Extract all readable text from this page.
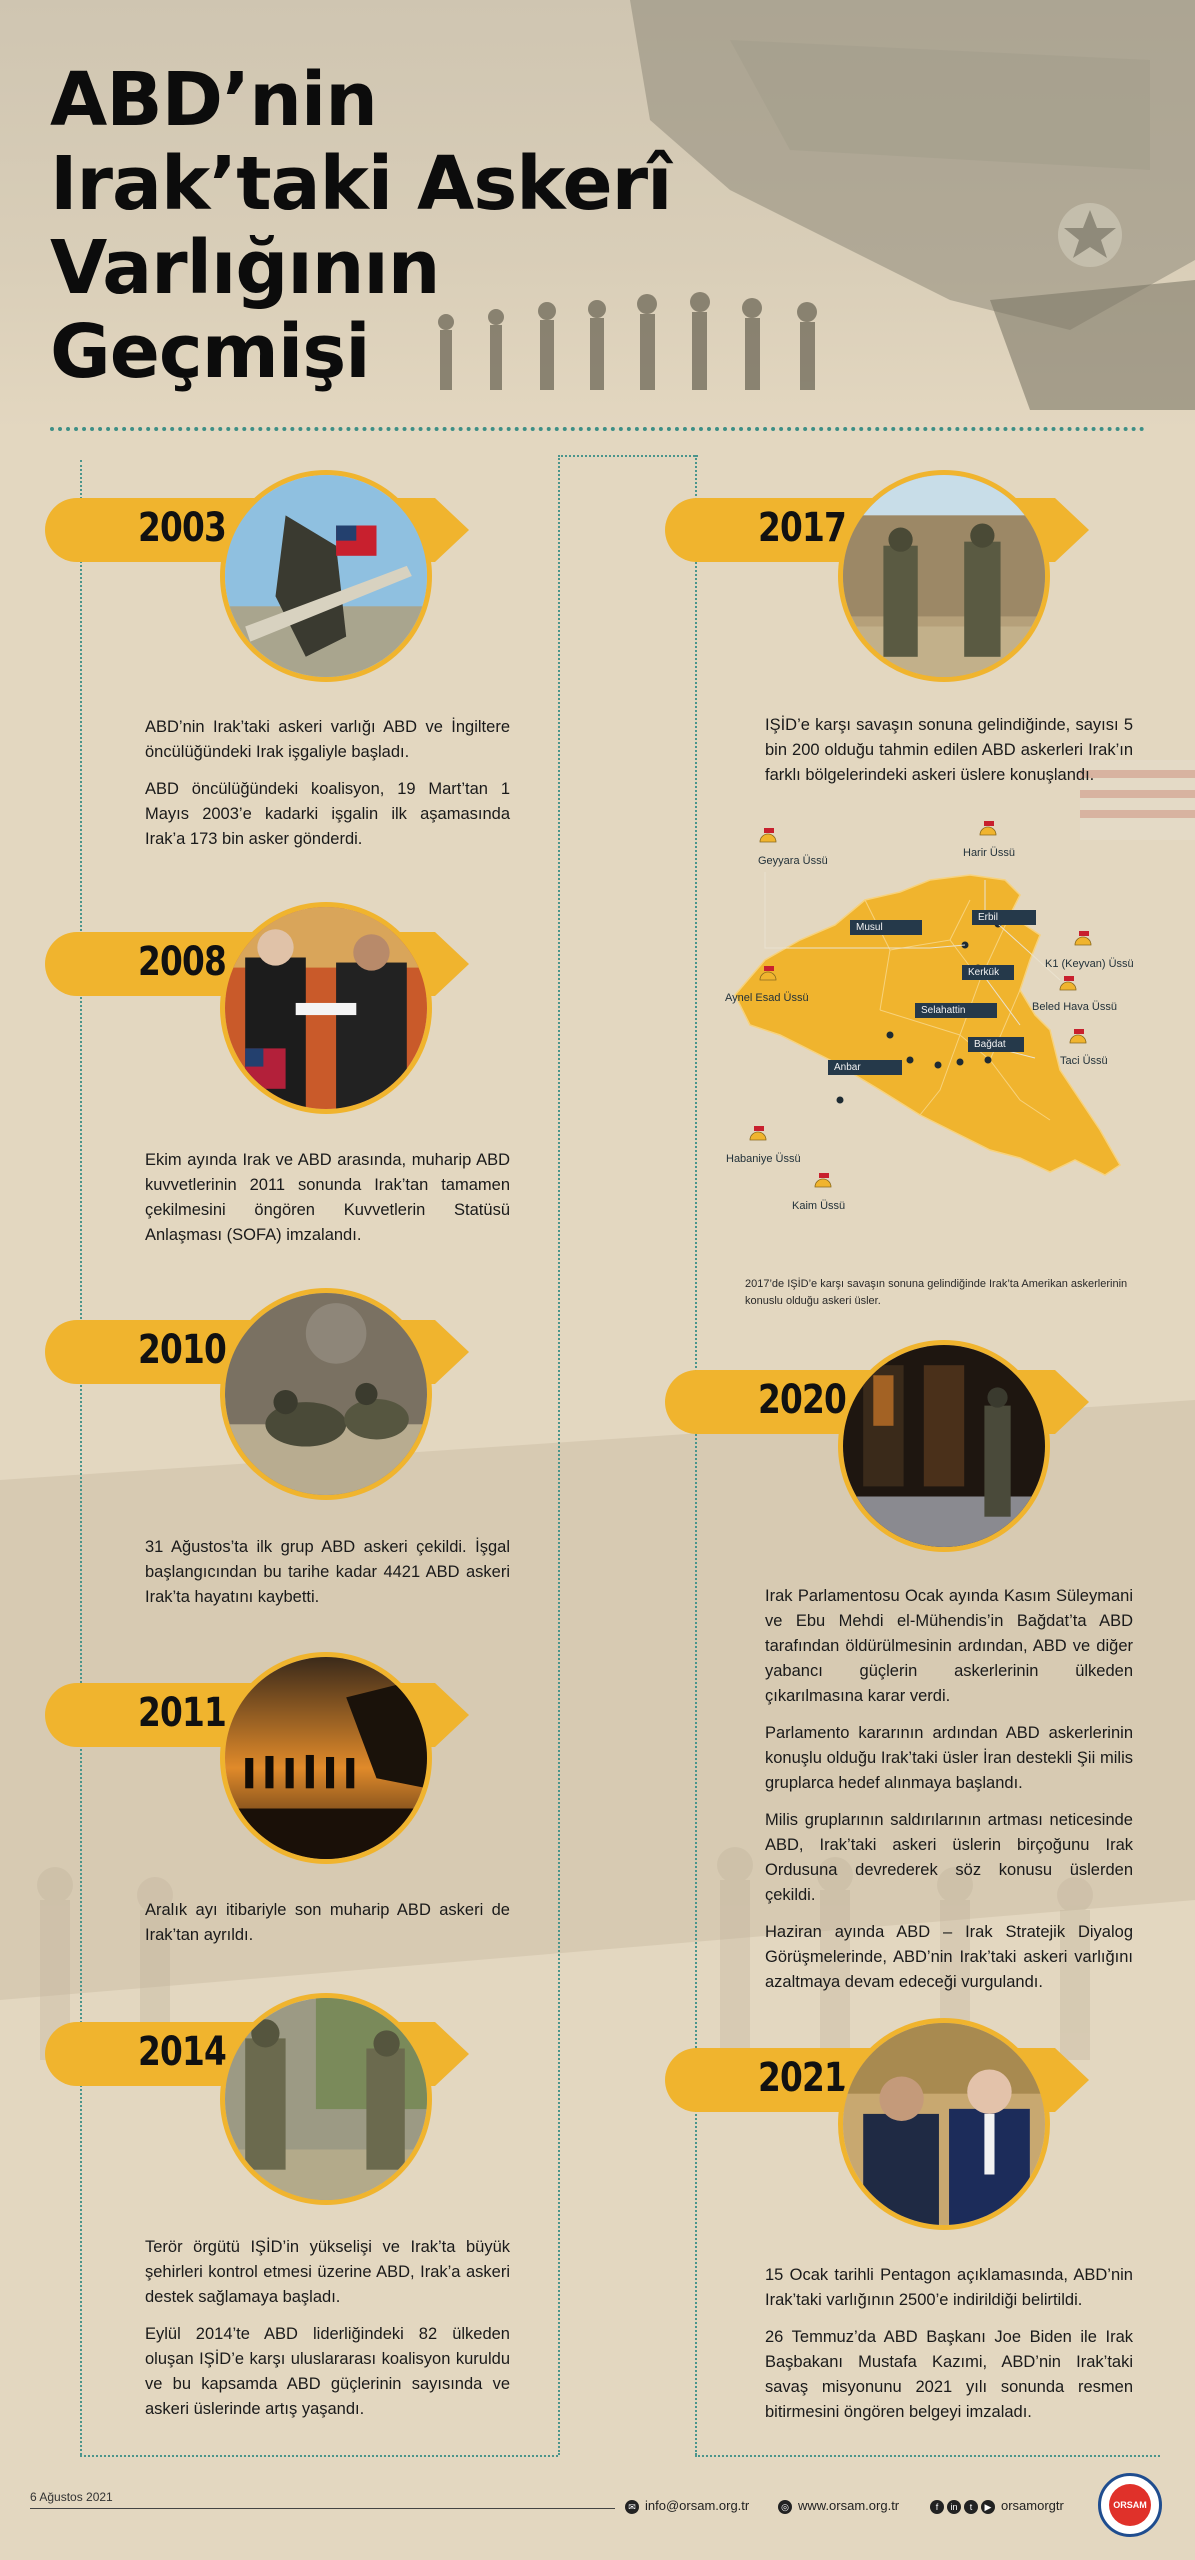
ABD’nin
Irak’taki Askerî
Varlığının
Geçmişi
2003

ABD’nin Irak’taki askeri varlığı ABD ve İngiltere öncülüğündeki Irak işgaliyle başladı.

ABD öncülüğündeki koalisyon, 19 Mart’tan 1 Mayıs 2003’e kadarki işgalin ilk aşamasında Irak’a 173 bin asker gönderdi.

2008

Ekim ayında Irak ve ABD arasında, muharip ABD kuvvetlerinin 2011 sonunda Irak’tan tamamen çekilmesini öngören Kuvvetlerin Statüsü Anlaşması (SOFA) imzalandı.

2010

31 Ağustos’ta ilk grup ABD askeri çekildi. İşgal başlangıcından bu tarihe kadar 4421 ABD askeri Irak’ta hayatını kaybetti.

2011

Aralık ayı itibariyle son muharip ABD askeri de Irak’tan ayrıldı.

2014

Terör örgütü IŞİD’in yükselişi ve Irak’ta büyük şehirleri kontrol etmesi üzerine ABD, Irak’a askeri destek sağlamaya başladı.

Eylül 2014’te ABD liderliğindeki 82 ülkeden oluşan IŞİD’e karşı uluslararası koalisyon kuruldu ve bu kapsamda ABD güçlerinin sayısında ve askeri üslerinde artış yaşandı.

2017

IŞİD’e karşı savaşın sonuna gelindiğinde, sayısı 5 bin 200 olduğu tahmin edilen ABD askerleri Irak’ın farklı bölgelerindeki askeri üslere konuşlandı.

Harir Üssü
Geyyara Üssü
K1 (Keyvan) Üssü
Aynel Esad Üssü
Beled Hava Üssü
Taci Üssü
Habaniye Üssü
Kaim Üssü
Erbil
Musul
Kerkük
Selahattin
Bağdat
Anbar
2017’de IŞİD’e karşı savaşın sonuna gelindiğinde Irak’ta Amerikan askerlerinin konuslu olduğu askeri üsler.
2020

Irak Parlamentosu Ocak ayında Kasım Süleymani ve Ebu Mehdi el-Mühendis’in Bağdat’ta ABD tarafından öldürülmesinin ardından, ABD ve diğer yabancı güçlerin askerlerinin ülkeden çıkarılmasına karar verdi.

Parlamento kararının ardından ABD askerlerinin konuşlu olduğu Irak’taki üsler İran destekli Şii milis gruplarca hedef alınmaya başlandı.

Milis gruplarının saldırılarının artması neticesinde ABD, Irak’taki askeri üslerin birçoğunu Irak Ordusuna devrederek söz konusu üslerden çekildi.

Haziran ayında ABD – Irak Stratejik Diyalog Görüşmelerinde, ABD’nin Irak’taki askeri varlığını azaltmaya devam edeceği vurgulandı.

2021

15 Ocak tarihli Pentagon açıklamasında, ABD’nin Irak’taki varlığının 2500’e indirildiği belirtildi.

26 Temmuz’da ABD Başkanı Joe Biden ile Irak Başbakanı Mustafa Kazımi, ABD’nin Irak’taki savaş misyonunu 2021 yılı sonunda resmen bitirmesini öngören belgeyi imzaladı.

6 Ağustos 2021
✉ info@orsam.org.tr	◎ www.orsam.org.tr	f in t ▶ orsamorgtr	ORSAM
